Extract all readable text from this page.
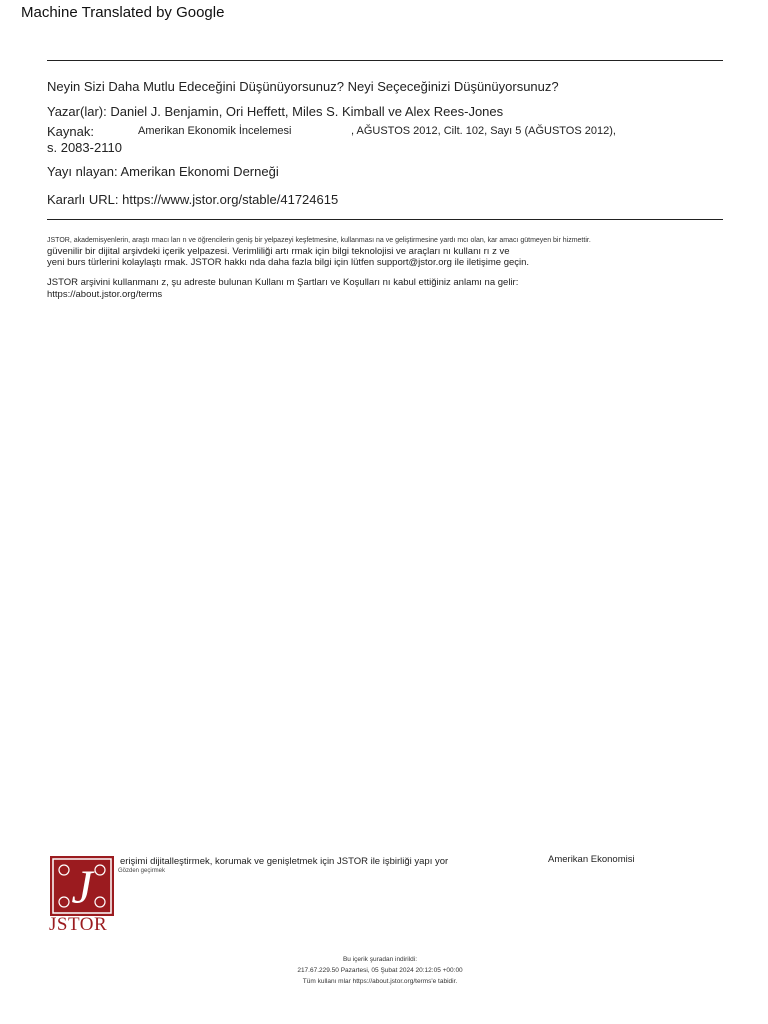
Machine Translated by Google
Neyin Sizi Daha Mutlu Edeceğini Düşünüyorsunuz? Neyi Seçeceğinizi Düşünüyorsunuz?
Yazar(lar): Daniel J. Benjamin, Ori Heffett, Miles S. Kimball ve Alex Rees-Jones
Kaynak:	Amerikan Ekonomik İncelemesi	, AĞUSTOS 2012, Cilt. 102, Sayı 5 (AĞUSTOS 2012),
s. 2083-2110
Yayı nlayan: Amerikan Ekonomi Derneği
Kararlı URL: https://www.jstor.org/stable/41724615
JSTOR, akademisyenlerin, araştı rmacı ları n ve öğrencilerin geniş bir yelpazeyi keşfetmesine, kullanması na ve geliştirmesine yardı mcı olan, kar amacı gütmeyen bir hizmettir.
güvenilir bir dijital arşivdeki içerik yelpazesi. Verimliliği artı rmak için bilgi teknolojisi ve araçları nı kullanı rı z ve
yeni burs türlerini kolaylaştı rmak. JSTOR hakkı nda daha fazla bilgi için lütfen support@jstor.org ile iletişime geçin.
JSTOR arşivini kullanmanı z, şu adreste bulunan Kullanı m Şartları ve Koşulları nı kabul ettiğiniz anlamı na gelir:
https://about.jstor.org/terms
J
JSTOR
erişimi dijitalleştirmek, korumak ve genişletmek için JSTOR ile işbirliği yapı yor
Gözden geçirmek
Amerikan Ekonomisi
Bu içerik şuradan indirildi:
217.67.229.50 Pazartesi, 05 Şubat 2024 20:12:05 +00:00
Tüm kullanı mlar https://about.jstor.org/terms'e tabidir.
